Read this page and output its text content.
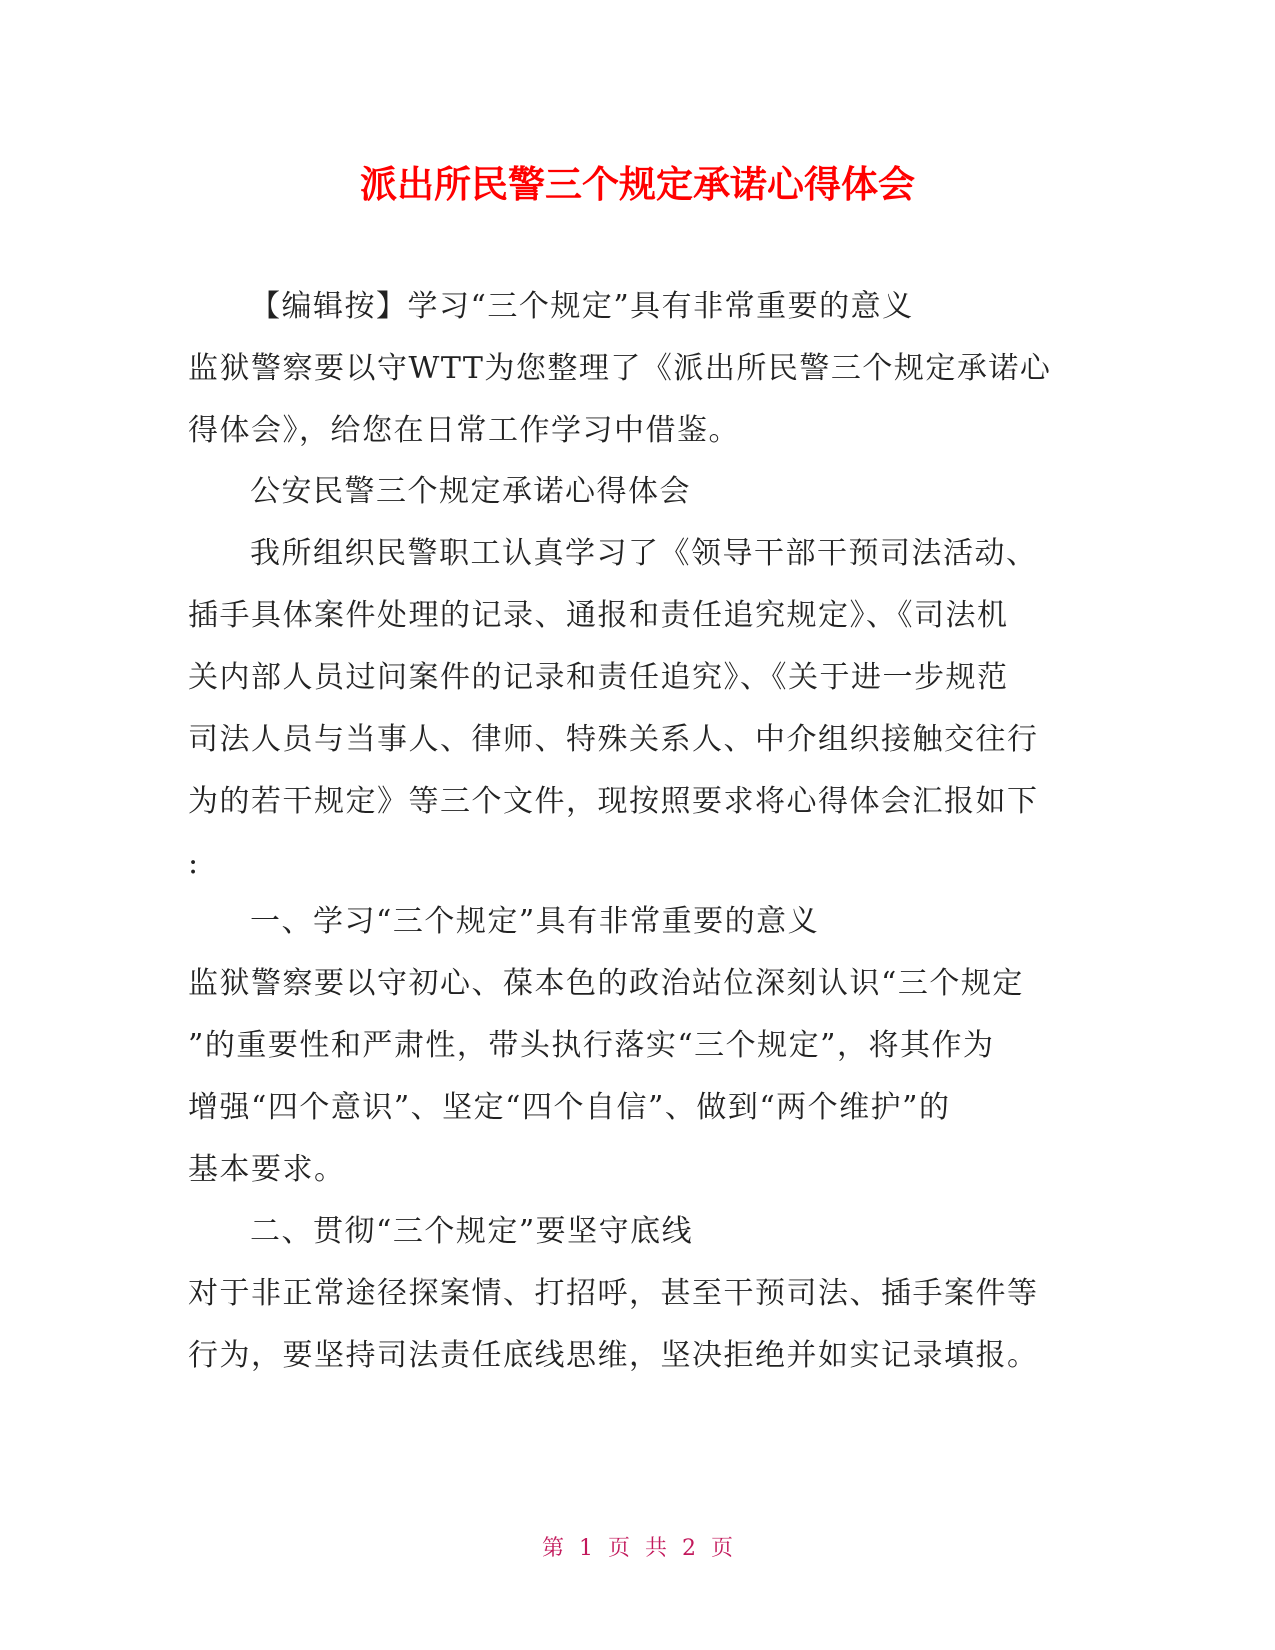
派出所民警三个规定承诺心得体会
【编辑按】学习“三个规定”具有非常重要的意义
监狱警察要以守WTT为您整理了《派出所民警三个规定承诺心
得体会》，给您在日常工作学习中借鉴。
公安民警三个规定承诺心得体会
我所组织民警职工认真学习了《领导干部干预司法活动、
插手具体案件处理的记录、通报和责任追究规定》、《司法机
关内部人员过问案件的记录和责任追究》、《关于进一步规范
司法人员与当事人、律师、特殊关系人、中介组织接触交往行
为的若干规定》等三个文件，现按照要求将心得体会汇报如下
:
一、学习“三个规定”具有非常重要的意义
监狱警察要以守初心、葆本色的政治站位深刻认识“三个规定
”的重要性和严肃性，带头执行落实“三个规定”，将其作为
增强“四个意识”、坚定“四个自信”、做到“两个维护”的
基本要求。
二、贯彻“三个规定”要坚守底线
对于非正常途径探案情、打招呼，甚至干预司法、插手案件等
行为，要坚持司法责任底线思维，坚决拒绝并如实记录填报。
第 1 页 共 2 页
